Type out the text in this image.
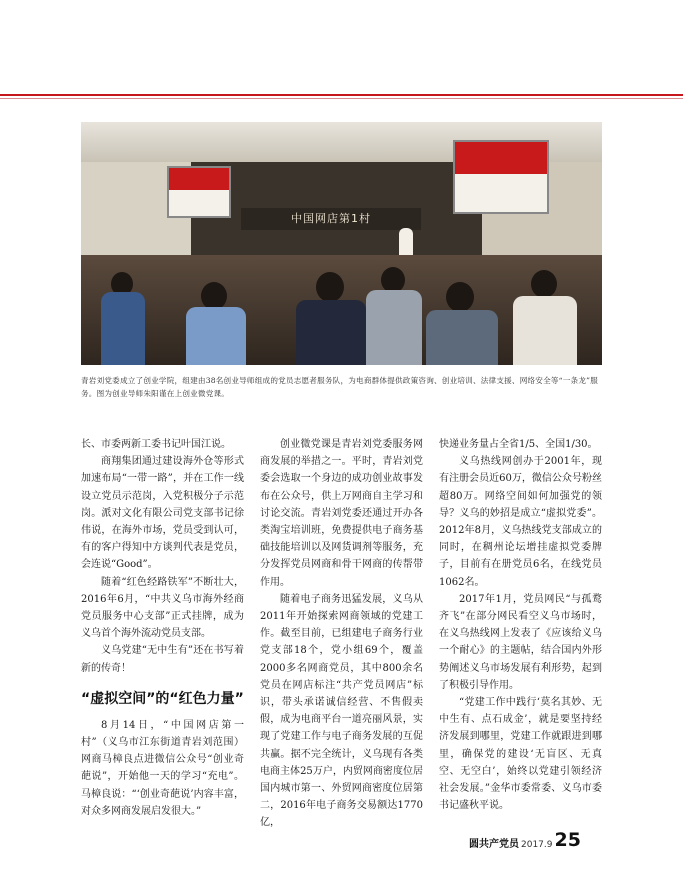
中国网店第1村
青岩刘党委成立了创业学院，组建由38名创业导师组成的党员志愿者服务队，为电商群体提供政策咨询、创业培训、法律支援、网络安全等“一条龙”服务。图为创业导师朱阳谨在上创业微党课。

长、市委两新工委书记叶国江说。

商翔集团通过建设海外仓等形式加速布局“一带一路”，并在工作一线设立党员示范岗，入党积极分子示范岗。派对文化有限公司党支部书记徐伟说，在海外市场，党员受到认可，有的客户得知中方谈判代表是党员，会连说“Good”。

随着“红色经路铁军”不断壮大，2016年6月，“中共义乌市海外经商党员服务中心支部”正式挂牌，成为义乌首个海外流动党员支部。

义乌党建“无中生有”还在书写着新的传奇！

“虚拟空间”的“红色力量”

8月14日，“中国网店第一村”（义乌市江东街道青岩刘范围）网商马樟良点进微信公众号“创业奇葩说”，开始他一天的学习“充电”。马樟良说：“‘创业奇葩说’内容丰富，对众多网商发展启发很大。”

创业微党课是青岩刘党委服务网商发展的举措之一。平时，青岩刘党委会选取一个身边的成功创业故事发布在公众号，供上万网商自主学习和讨论交流。青岩刘党委还通过开办各类淘宝培训班，免费提供电子商务基础技能培训以及网货调剂等服务，充分发挥党员网商和骨干网商的传帮带作用。

随着电子商务迅猛发展，义乌从2011年开始探索网商领域的党建工作。截至目前，已组建电子商务行业党支部18个，党小组69个，覆盖2000多名网商党员，其中800余名党员在网店标注“共产党员网店”标识，带头承诺诚信经营、不售假卖假，成为电商平台一道亮丽风景，实现了党建工作与电子商务发展的互促共赢。据不完全统计，义乌现有各类电商主体25万户，内贸网商密度位居国内城市第一、外贸网商密度位居第二，2016年电子商务交易额达1770亿，

快递业务量占全省1/5、全国1/30。

义乌热线网创办于2001年，现有注册会员近60万，微信公众号粉丝超80万。网络空间如何加强党的领导？义乌的妙招是成立“虚拟党委”。2012年8月，义乌热线党支部成立的同时，在稠州论坛增挂虚拟党委牌子，目前有在册党员6名，在线党员1062名。

2017年1月，党员网民“与孤鹜齐飞”在部分网民看空义乌市场时，在义乌热线网上发表了《应该给义乌一个耐心》的主题帖，结合国内外形势阐述义乌市场发展有利形势，起到了积极引导作用。

“党建工作中践行‘莫名其妙、无中生有、点石成金’，就是要坚持经济发展到哪里，党建工作就跟进到哪里，确保党的建设‘无盲区、无真空、无空白’，始终以党建引领经济社会发展。”金华市委常委、义乌市委书记盛秋平说。

圆共产党员 2017.9 25
